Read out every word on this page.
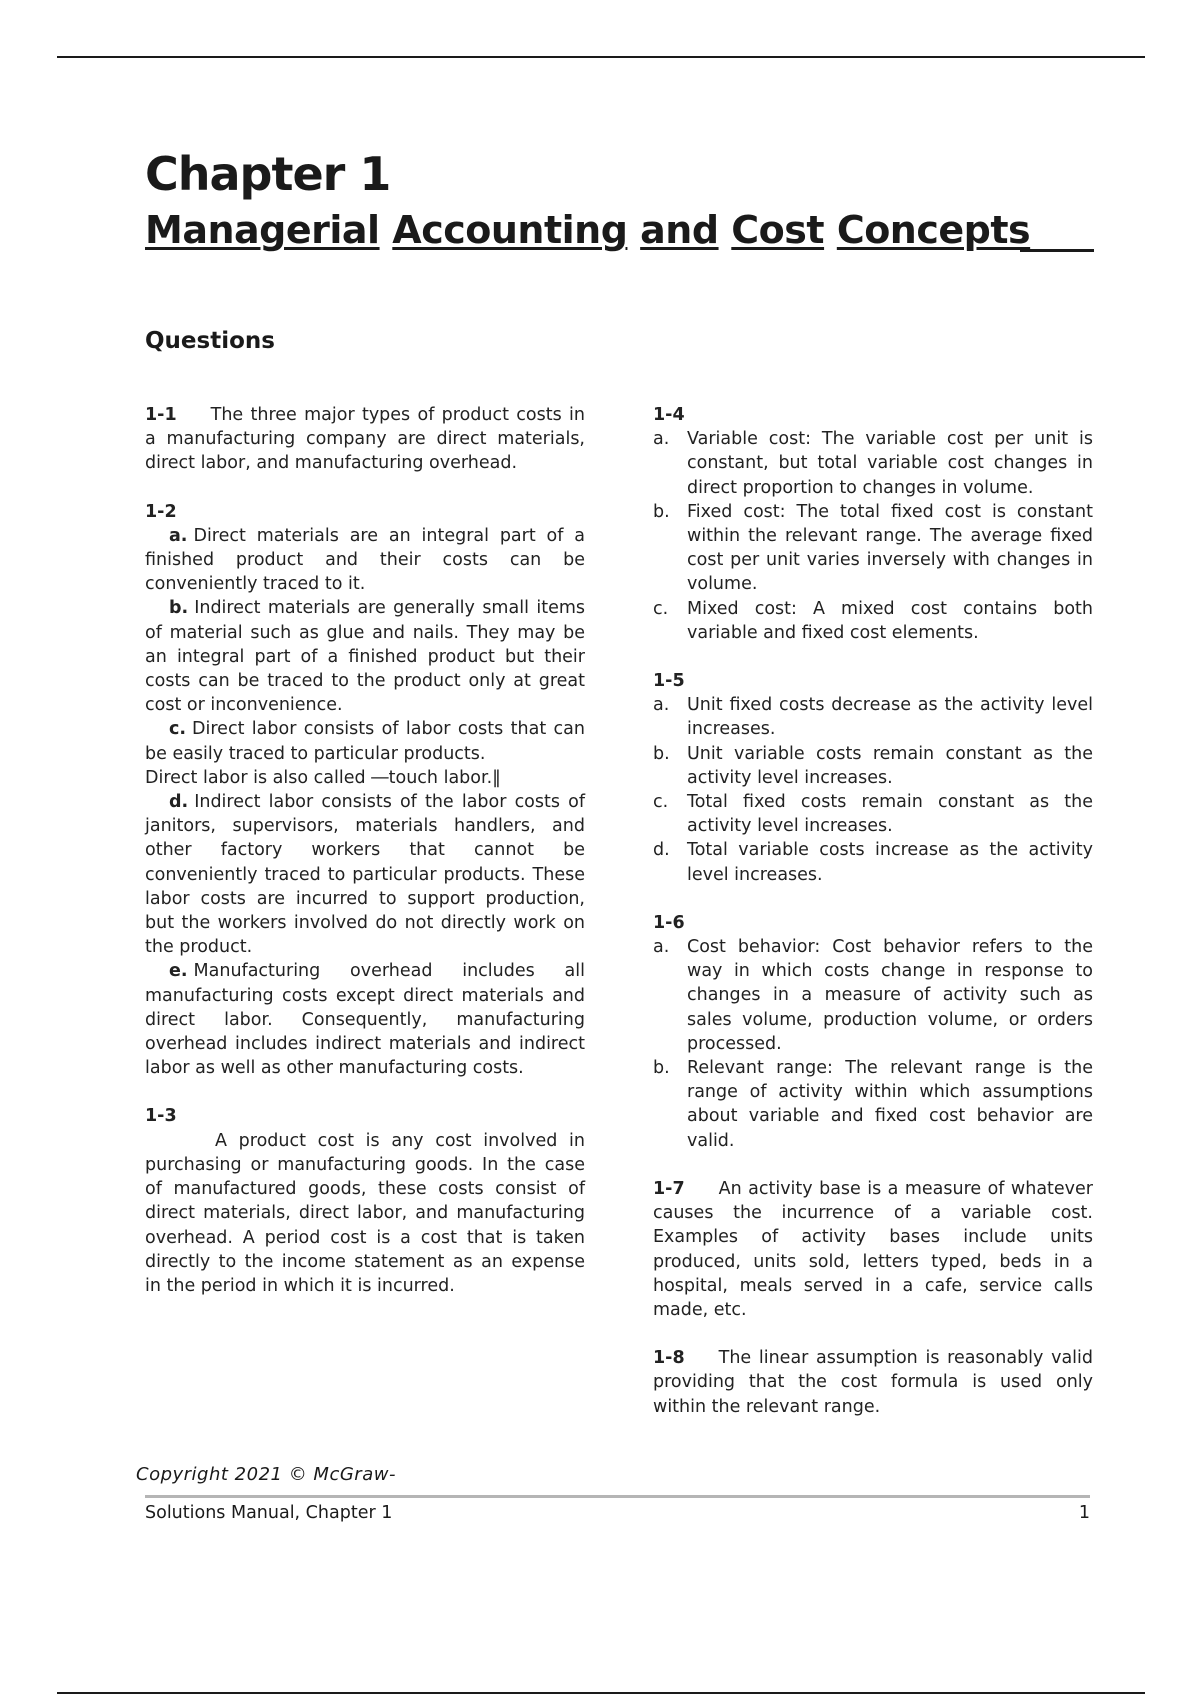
Chapter 1
Managerial Accounting and Cost Concepts
Questions

1-1 The three major types of product costs in a manufacturing company are direct materials, direct labor, and manufacturing overhead.

1-2

a. Direct materials are an integral part of a finished product and their costs can be conveniently traced to it.

b. Indirect materials are generally small items of material such as glue and nails. They may be an integral part of a finished product but their costs can be traced to the product only at great cost or inconvenience.

c. Direct labor consists of labor costs that can be easily traced to particular products.

Direct labor is also called ―touch labor.‖

d. Indirect labor consists of the labor costs of janitors, supervisors, materials handlers, and other factory workers that cannot be conveniently traced to particular products. These labor costs are incurred to support production, but the workers involved do not directly work on the product.

e. Manufacturing overhead includes all manufacturing costs except direct materials and direct labor. Consequently, manufacturing overhead includes indirect materials and indirect labor as well as other manufacturing costs.

1-3

A product cost is any cost involved in purchasing or manufacturing goods. In the case of manufactured goods, these costs consist of direct materials, direct labor, and manufacturing overhead. A period cost is a cost that is taken directly to the income statement as an expense in the period in which it is incurred.

1-4
a.	Variable cost: The variable cost per unit is constant, but total variable cost changes in direct proportion to changes in volume.
b. Fixed cost: The total fixed cost is constant within the relevant range. The average fixed cost per unit varies inversely with changes in volume.
c.	Mixed cost: A mixed cost contains both variable and fixed cost elements.
1-5
a.	Unit fixed costs decrease as the activity level increases.
b. Unit variable costs remain constant as the activity level increases.
c.	Total fixed costs remain constant as the activity level increases.
d. Total variable costs increase as the activity level increases.
1-6
a.	Cost behavior: Cost behavior refers to the way in which costs change in response to changes in a measure of activity such as sales volume, production volume, or orders processed.
b. Relevant range: The relevant range is the range of activity within which assumptions about variable and fixed cost behavior are valid.

1-7 An activity base is a measure of whatever causes the incurrence of a variable cost. Examples of activity bases include units produced, units sold, letters typed, beds in a hospital, meals served in a cafe, service calls made, etc.

1-8 The linear assumption is reasonably valid providing that the cost formula is used only within the relevant range.

Copyright 2021 © McGraw-
Solutions Manual, Chapter 1	1
